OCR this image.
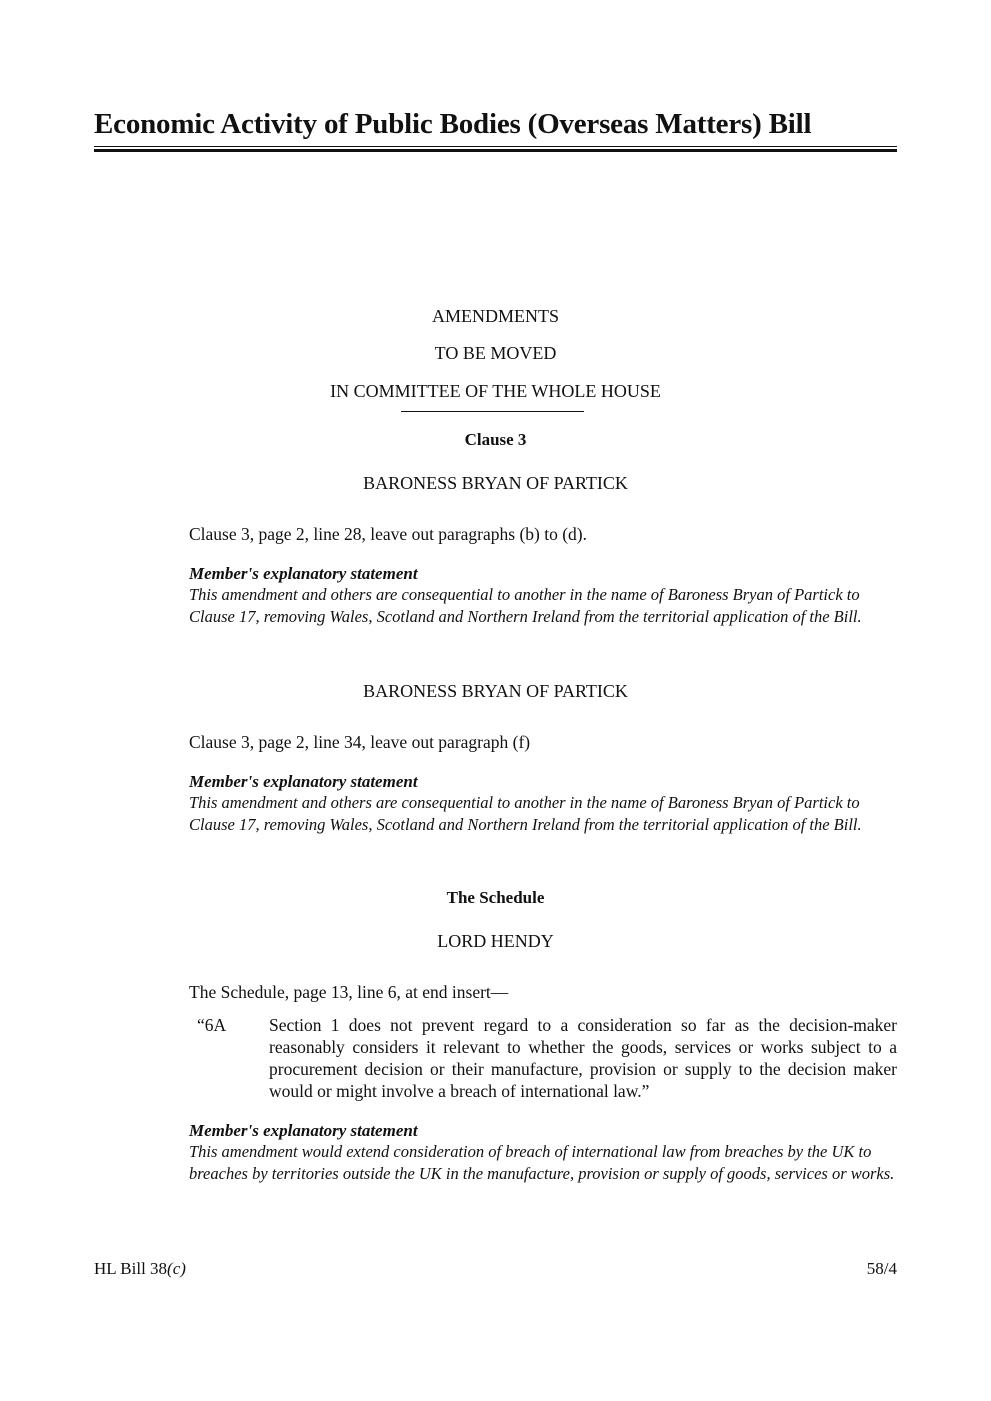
Economic Activity of Public Bodies (Overseas Matters) Bill
AMENDMENTS
TO BE MOVED
IN COMMITTEE OF THE WHOLE HOUSE
Clause 3
BARONESS BRYAN OF PARTICK
Clause 3, page 2, line 28, leave out paragraphs (b) to (d).
Member's explanatory statement
This amendment and others are consequential to another in the name of Baroness Bryan of Partick to Clause 17, removing Wales, Scotland and Northern Ireland from the territorial application of the Bill.
BARONESS BRYAN OF PARTICK
Clause 3, page 2, line 34, leave out paragraph (f)
Member's explanatory statement
This amendment and others are consequential to another in the name of Baroness Bryan of Partick to Clause 17, removing Wales, Scotland and Northern Ireland from the territorial application of the Bill.
The Schedule
LORD HENDY
The Schedule, page 13, line 6, at end insert—
“6A Section 1 does not prevent regard to a consideration so far as the decision-maker reasonably considers it relevant to whether the goods, services or works subject to a procurement decision or their manufacture, provision or supply to the decision maker would or might involve a breach of international law.”
Member's explanatory statement
This amendment would extend consideration of breach of international law from breaches by the UK to breaches by territories outside the UK in the manufacture, provision or supply of goods, services or works.
HL Bill 38(c)	58/4
